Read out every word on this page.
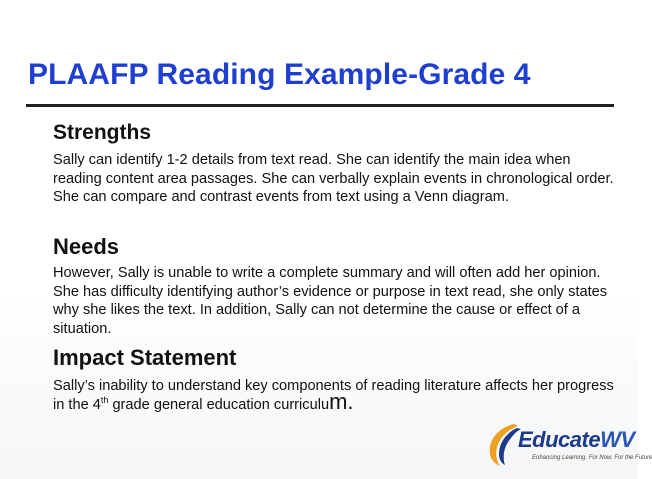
PLAAFP Reading Example-Grade 4
Strengths

Sally can identify 1-2 details from text read. She can identify the main idea when reading content area passages. She can verbally explain events in chronological order. She can compare and contrast events from text using a Venn diagram.

Needs

However, Sally is unable to write a complete summary and will often add her opinion. She has difficulty identifying author’s evidence or purpose in text read, she only states why she likes the text. In addition, Sally can not determine the cause or effect of a situation.

Impact Statement

Sally’s inability to understand key components of reading literature affects her progress in the 4th grade general education curriculum.

EducateWV
Enhancing Learning. For Now. For the Future
